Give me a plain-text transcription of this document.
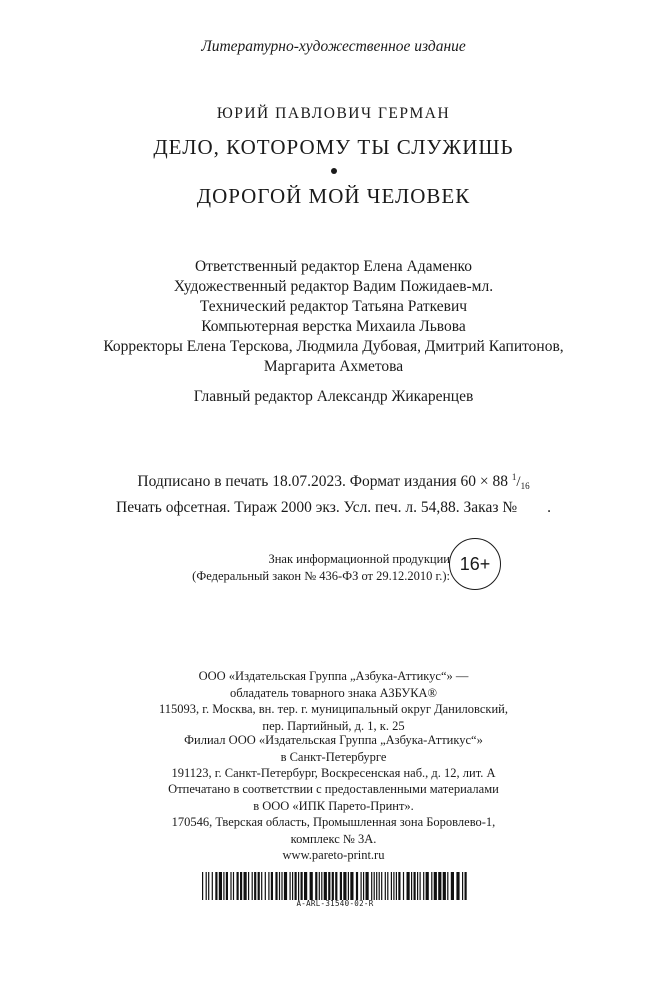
Литературно-художественное издание
ЮРИЙ ПАВЛОВИЧ ГЕРМАН
ДЕЛО, КОТОРОМУ ТЫ СЛУЖИШЬ
ДОРОГОЙ МОЙ ЧЕЛОВЕК
Ответственный редактор Елена Адаменко
Художественный редактор Вадим Пожидаев-мл.
Технический редактор Татьяна Раткевич
Компьютерная верстка Михаила Львова
Корректоры Елена Терскова, Людмила Дубовая, Дмитрий Капитонов,
Маргарита Ахметова
Главный редактор Александр Жикаренцев
Подписано в печать 18.07.2023. Формат издания 60 × 88 $^1$/16
Печать офсетная. Тираж 2000 экз. Усл. печ. л. 54,88. Заказ № .
Знак информационной продукции
(Федеральный закон № 436-ФЗ от 29.12.2010 г.):
16+
ООО «Издательская Группа „Азбука-Аттикус“» —
обладатель товарного знака АЗБУКА®
115093, г. Москва, вн. тер. г. муниципальный округ Даниловский,
пер. Партийный, д. 1, к. 25
Филиал ООО «Издательская Группа „Азбука-Аттикус“»
в Санкт-Петербурге
191123, г. Санкт-Петербург, Воскресенская наб., д. 12, лит. А
Отпечатано в соответствии с предоставленными материалами
в ООО «ИПК Парето-Принт».
170546, Тверская область, Промышленная зона Боровлево-1,
комплекс № 3А.
www.pareto-print.ru
A-ARL-31540-02-R
